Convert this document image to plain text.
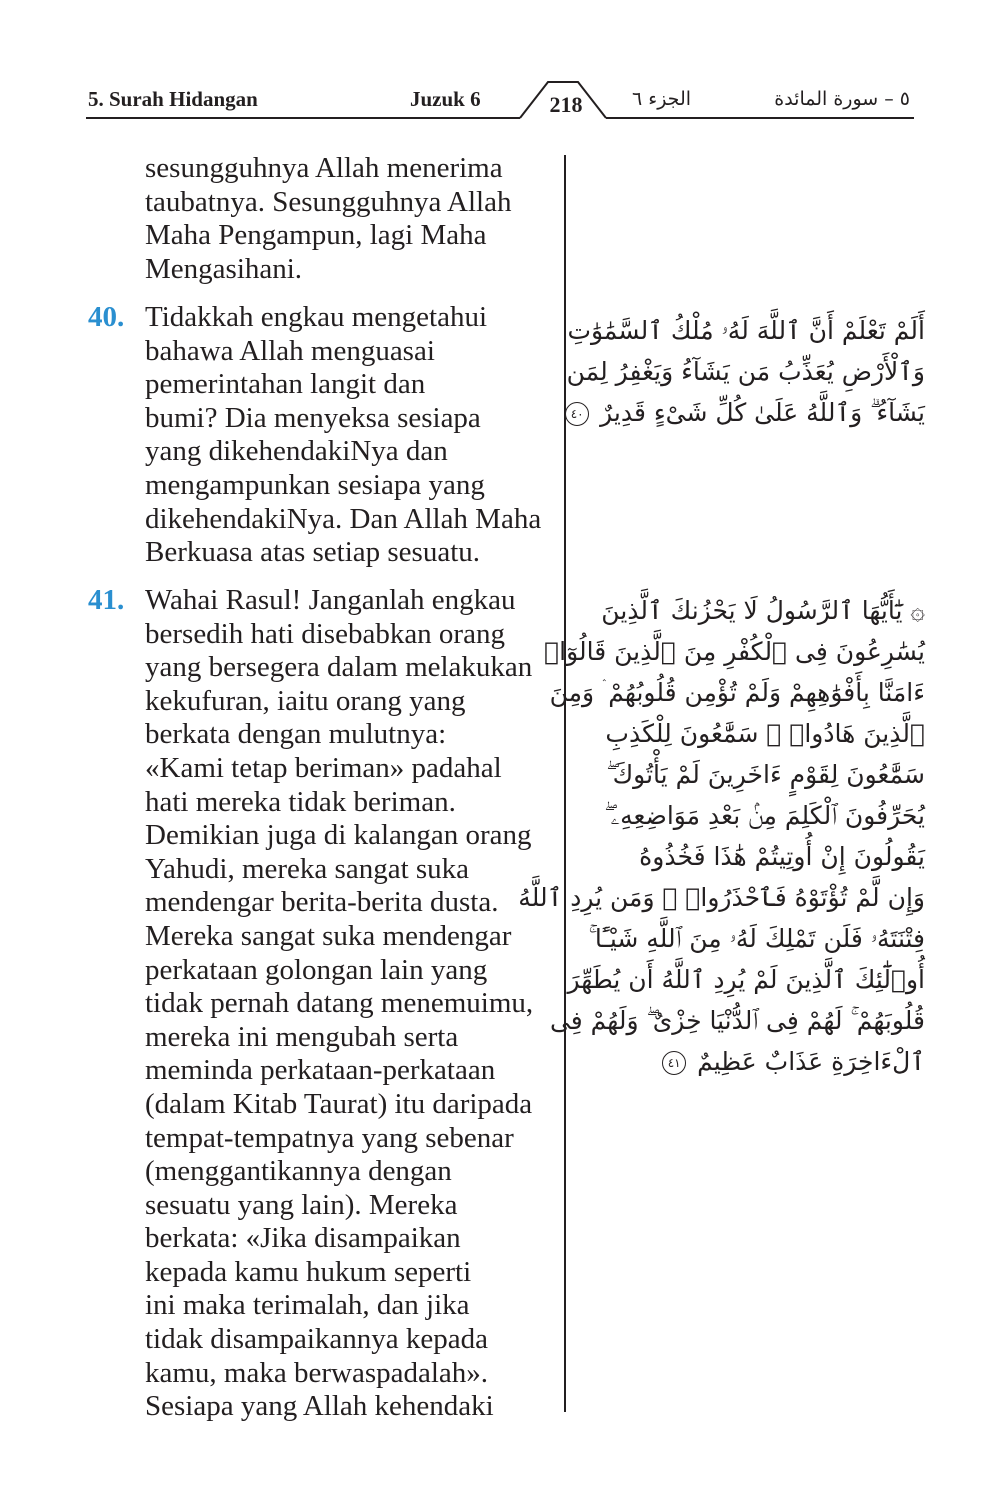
5. Surah Hidangan	Juzuk 6	218	الجزء ٦	٥ – سورة المائدة
sesungguhnya Allah menerima
taubatnya. Sesungguhnya Allah
Maha Pengampun, lagi Maha
Mengasihani.
40. Tidakkah engkau mengetahui
bahawa Allah menguasai
pemerintahan langit dan
bumi? Dia menyeksa sesiapa
yang dikehendakiNya dan
mengampunkan sesiapa yang
dikehendakiNya. Dan Allah Maha
Berkuasa atas setiap sesuatu.
أَلَمْ تَعْلَمْ أَنَّ ٱللَّهَ لَهُۥ مُلْكُ ٱلسَّمَٰوَٰتِ
وَٱلْأَرْضِ يُعَذِّبُ مَن يَشَآءُ وَيَغْفِرُ لِمَن
يَشَآءُ ۗ وَٱللَّهُ عَلَىٰ كُلِّ شَىْءٍ قَدِيرٌ ٤٠
41. Wahai Rasul! Janganlah engkau
bersedih hati disebabkan orang
yang bersegera dalam melakukan
kekufuran, iaitu orang yang
berkata dengan mulutnya:
«Kami tetap beriman» padahal
hati mereka tidak beriman.
Demikian juga di kalangan orang
Yahudi, mereka sangat suka
mendengar berita-berita dusta.
Mereka sangat suka mendengar
perkataan golongan lain yang
tidak pernah datang menemuimu,
mereka ini mengubah serta
meminda perkataan-perkataan
(dalam Kitab Taurat) itu daripada
tempat-tempatnya yang sebenar
(menggantikannya dengan
sesuatu yang lain). Mereka
berkata: «Jika disampaikan
kepada kamu hukum seperti
ini maka terimalah, dan jika
tidak disampaikannya kepada
kamu, maka berwaspadalah».
Sesiapa yang Allah kehendaki
۞ يَٰٓأَيُّهَا ٱلرَّسُولُ لَا يَحْزُنكَ ٱلَّذِينَ
يُسَٰرِعُونَ فِى ٱلْكُفْرِ مِنَ ٱلَّذِينَ قَالُوٓا۟
ءَامَنَّا بِأَفْوَٰهِهِمْ وَلَمْ تُؤْمِن قُلُوبُهُمْ ۛ وَمِنَ
ٱلَّذِينَ هَادُوا۟ ۛ سَمَّٰعُونَ لِلْكَذِبِ
سَمَّٰعُونَ لِقَوْمٍ ءَاخَرِينَ لَمْ يَأْتُوكَ ۖ
يُحَرِّفُونَ ٱلْكَلِمَ مِنۢ بَعْدِ مَوَاضِعِهِۦ ۖ
يَقُولُونَ إِنْ أُوتِيتُمْ هَٰذَا فَخُذُوهُ
وَإِن لَّمْ تُؤْتَوْهُ فَٱحْذَرُوا۟ ۚ وَمَن يُرِدِ ٱللَّهُ
فِتْنَتَهُۥ فَلَن تَمْلِكَ لَهُۥ مِنَ ٱللَّهِ شَيْـًٔا ۚ
أُو۟لَٰٓئِكَ ٱلَّذِينَ لَمْ يُرِدِ ٱللَّهُ أَن يُطَهِّرَ
قُلُوبَهُمْ ۚ لَهُمْ فِى ٱلدُّنْيَا خِزْىٌ ۖ وَلَهُمْ فِى
ٱلْءَاخِرَةِ عَذَابٌ عَظِيمٌ ٤١
